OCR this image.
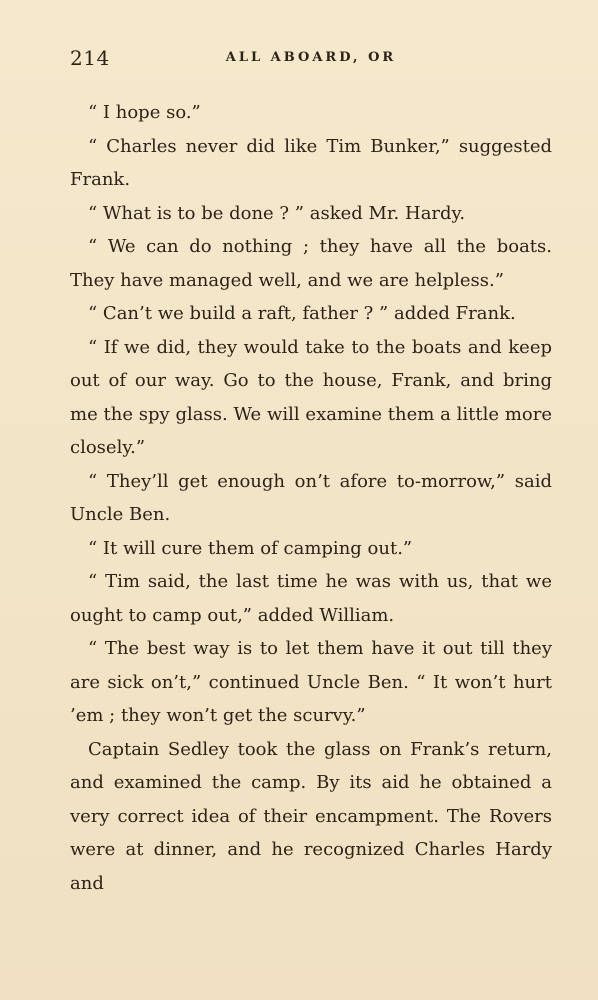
214	ALL ABOARD, OR

“ I hope so.”

“ Charles never did like Tim Bunker,” suggested Frank.

“ What is to be done ? ” asked Mr. Hardy.

“ We can do nothing ; they have all the boats. They have managed well, and we are helpless.”

“ Can’t we build a raft, father ? ” added Frank.

“ If we did, they would take to the boats and keep out of our way. Go to the house, Frank, and bring me the spy glass. We will examine them a little more closely.”

“ They’ll get enough on’t afore to-morrow,” said Uncle Ben.

“ It will cure them of camping out.”

“ Tim said, the last time he was with us, that we ought to camp out,” added William.

“ The best way is to let them have it out till they are sick on’t,” continued Uncle Ben. “ It won’t hurt ’em ; they won’t get the scurvy.”

Captain Sedley took the glass on Frank’s return, and examined the camp. By its aid he obtained a very correct idea of their encampment. The Rovers were at dinner, and he recognized Charles Hardy and
